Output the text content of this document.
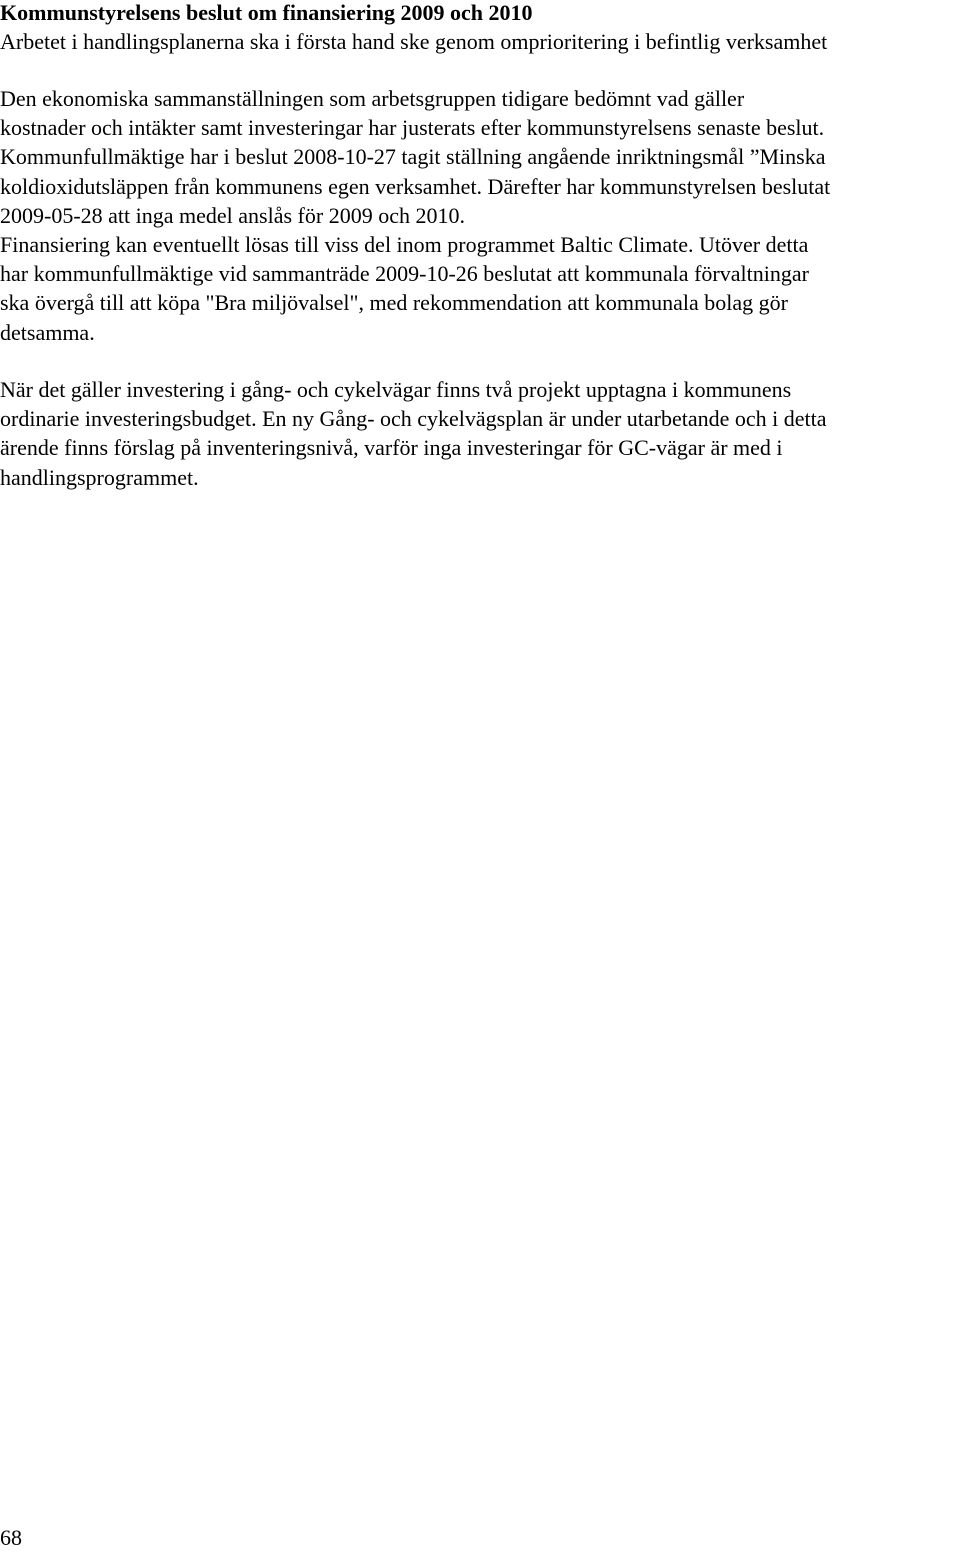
Kommunstyrelsens beslut om finansiering 2009 och 2010

Arbetet i handlingsplanerna ska i första hand ske genom omprioritering i befintlig verksamhet

Den ekonomiska sammanställningen som arbetsgruppen tidigare bedömnt vad gäller
kostnader och intäkter samt investeringar har justerats efter kommunstyrelsens senaste beslut.
Kommunfullmäktige har i beslut 2008-10-27 tagit ställning angående inriktningsmål ”Minska
koldioxidutsläppen från kommunens egen verksamhet. Därefter har kommunstyrelsen beslutat
2009-05-28 att inga medel anslås för 2009 och 2010.
Finansiering kan eventuellt lösas till viss del inom programmet Baltic Climate. Utöver detta
har kommunfullmäktige vid sammanträde 2009-10-26 beslutat att kommunala förvaltningar
ska övergå till att köpa "Bra miljövalsel", med rekommendation att kommunala bolag gör
detsamma.

När det gäller investering i gång- och cykelvägar finns två projekt upptagna i kommunens
ordinarie investeringsbudget. En ny Gång- och cykelvägsplan är under utarbetande och i detta
ärende finns förslag på inventeringsnivå, varför inga investeringar för GC-vägar är med i
handlingsprogrammet.

68
